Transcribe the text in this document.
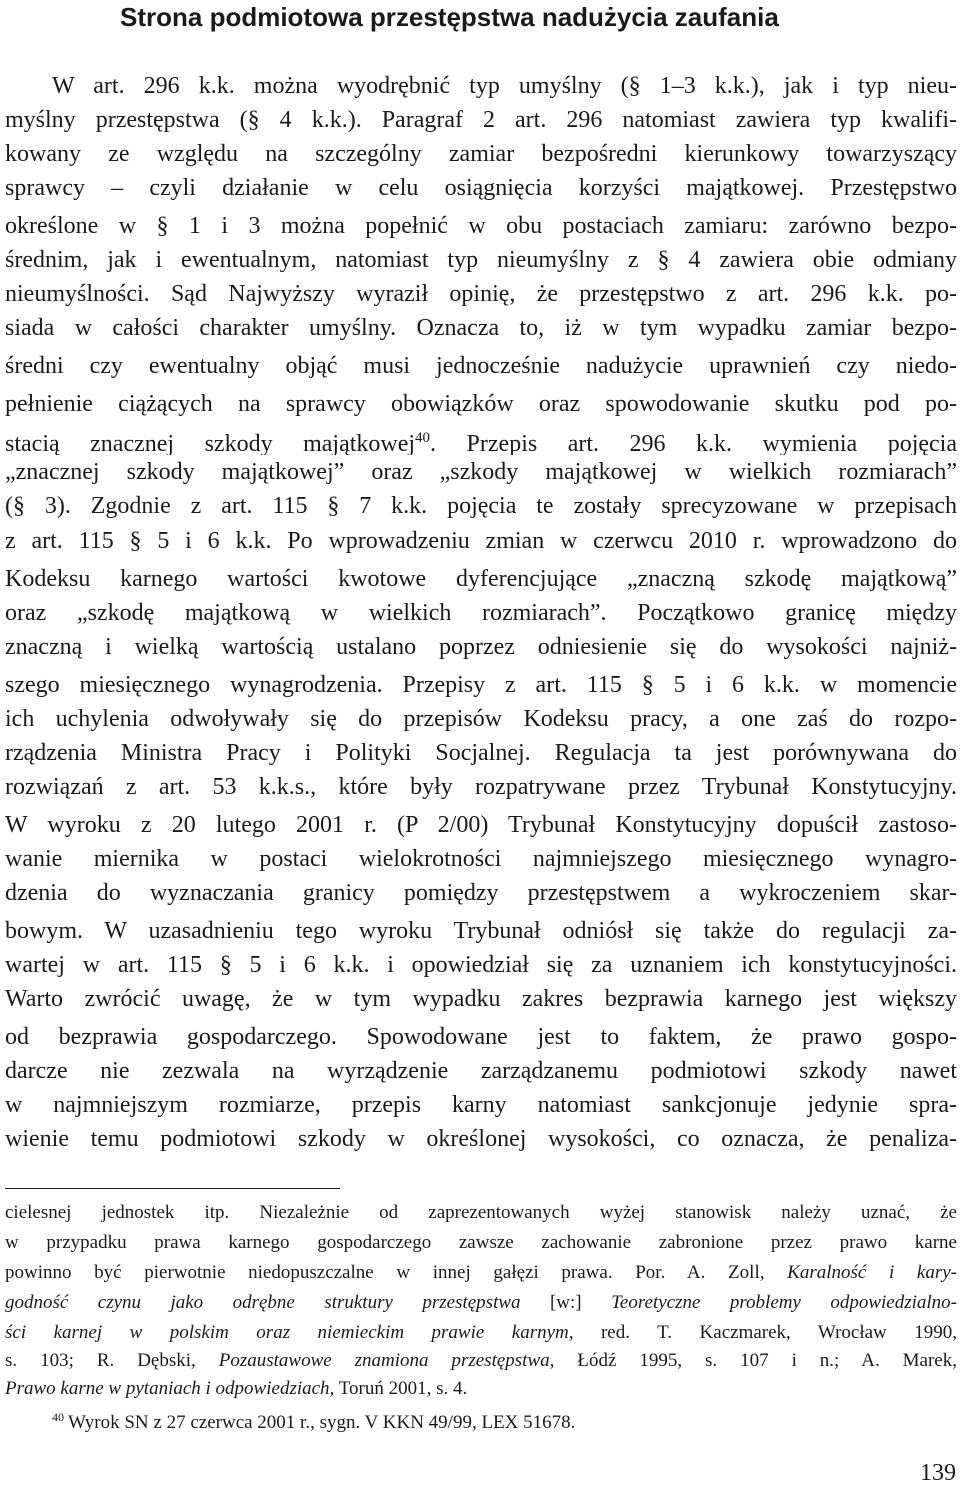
Strona podmiotowa przestępstwa nadużycia zaufania
W art. 296 k.k. można wyodrębnić typ umyślny (§ 1–3 k.k.), jak i typ nieu-
myślny przestępstwa (§ 4 k.k.). Paragraf 2 art. 296 natomiast zawiera typ kwalifi-
kowany ze względu na szczególny zamiar bezpośredni kierunkowy towarzyszący
sprawcy – czyli działanie w celu osiągnięcia korzyści majątkowej. Przestępstwo
określone w § 1 i 3 można popełnić w obu postaciach zamiaru: zarówno bezpo-
średnim, jak i ewentualnym, natomiast typ nieumyślny z § 4 zawiera obie odmiany
nieumyślności. Sąd Najwyższy wyraził opinię, że przestępstwo z art. 296 k.k. po-
siada w całości charakter umyślny. Oznacza to, iż w tym wypadku zamiar bezpo-
średni czy ewentualny objąć musi jednocześnie nadużycie uprawnień czy niedo-
pełnienie ciążących na sprawcy obowiązków oraz spowodowanie skutku pod po-
stacią znacznej szkody majątkowej$^{40}$. Przepis art. 296 k.k. wymienia pojęcia
„znacznej szkody majątkowej” oraz „szkody majątkowej w wielkich rozmiarach”
(§ 3). Zgodnie z art. 115 § 7 k.k. pojęcia te zostały sprecyzowane w przepisach
z art. 115 § 5 i 6 k.k. Po wprowadzeniu zmian w czerwcu 2010 r. wprowadzono do
Kodeksu karnego wartości kwotowe dyferencjujące „znaczną szkodę majątkową”
oraz „szkodę majątkową w wielkich rozmiarach”. Początkowo granicę między
znaczną i wielką wartością ustalano poprzez odniesienie się do wysokości najniż-
szego miesięcznego wynagrodzenia. Przepisy z art. 115 § 5 i 6 k.k. w momencie
ich uchylenia odwoływały się do przepisów Kodeksu pracy, a one zaś do rozpo-
rządzenia Ministra Pracy i Polityki Socjalnej. Regulacja ta jest porównywana do
rozwiązań z art. 53 k.k.s., które były rozpatrywane przez Trybunał Konstytucyjny.
W wyroku z 20 lutego 2001 r. (P 2/00) Trybunał Konstytucyjny dopuścił zastoso-
wanie miernika w postaci wielokrotności najmniejszego miesięcznego wynagro-
dzenia do wyznaczania granicy pomiędzy przestępstwem a wykroczeniem skar-
bowym. W uzasadnieniu tego wyroku Trybunał odniósł się także do regulacji za-
wartej w art. 115 § 5 i 6 k.k. i opowiedział się za uznaniem ich konstytucyjności.
Warto zwrócić uwagę, że w tym wypadku zakres bezprawia karnego jest większy
od bezprawia gospodarczego. Spowodowane jest to faktem, że prawo gospo-
darcze nie zezwala na wyrządzenie zarządzanemu podmiotowi szkody nawet
w najmniejszym rozmiarze, przepis karny natomiast sankcjonuje jedynie spra-
wienie temu podmiotowi szkody w określonej wysokości, co oznacza, że penaliza-
cielesnej jednostek itp. Niezależnie od zaprezentowanych wyżej stanowisk należy uznać, że
w przypadku prawa karnego gospodarczego zawsze zachowanie zabronione przez prawo karne
powinno być pierwotnie niedopuszczalne w innej gałęzi prawa. Por. A. Zoll, Karalność i kary-
godność czynu jako odrębne struktury przestępstwa [w:] Teoretyczne problemy odpowiedzialno-
ści karnej w polskim oraz niemieckim prawie karnym, red. T. Kaczmarek, Wrocław 1990,
s. 103; R. Dębski, Pozaustawowe znamiona przestępstwa, Łódź 1995, s. 107 i n.; A. Marek,
Prawo karne w pytaniach i odpowiedziach, Toruń 2001, s. 4.
$^{40}$ Wyrok SN z 27 czerwca 2001 r., sygn. V KKN 49/99, LEX 51678.
139
